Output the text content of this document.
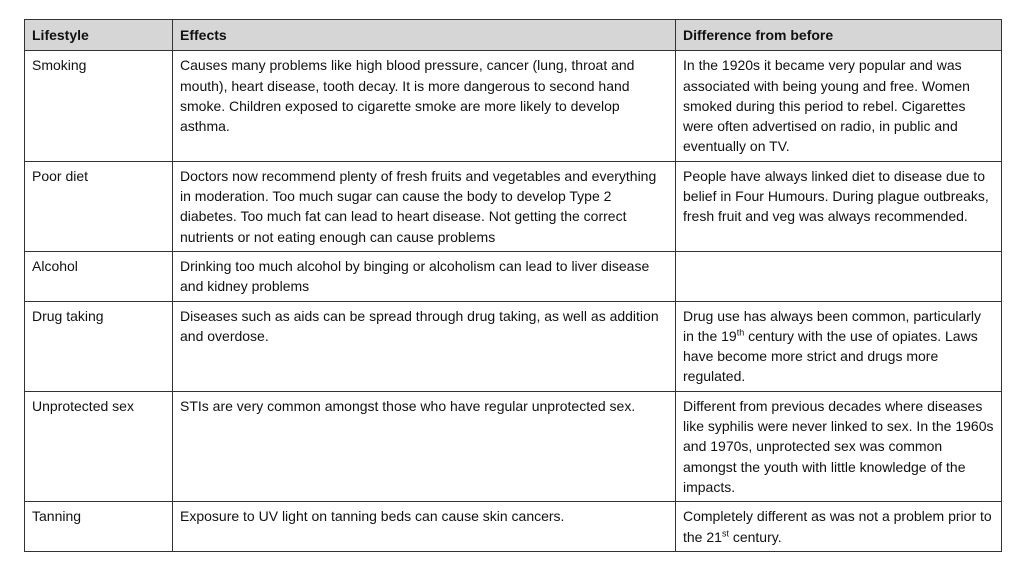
Lifestyle	Effects	Difference from before
Smoking	Causes many problems like high blood pressure, cancer (lung, throat and mouth), heart disease, tooth decay. It is more dangerous to second hand smoke. Children exposed to cigarette smoke are more likely to develop asthma.	In the 1920s it became very popular and was associated with being young and free. Women smoked during this period to rebel. Cigarettes were often advertised on radio, in public and eventually on TV.
Poor diet	Doctors now recommend plenty of fresh fruits and vegetables and everything in moderation. Too much sugar can cause the body to develop Type 2 diabetes. Too much fat can lead to heart disease. Not getting the correct nutrients or not eating enough can cause problems	People have always linked diet to disease due to belief in Four Humours. During plague outbreaks, fresh fruit and veg was always recommended.
Alcohol	Drinking too much alcohol by binging or alcoholism can lead to liver disease and kidney problems	
Drug taking	Diseases such as aids can be spread through drug taking, as well as addition and overdose.	Drug use has always been common, particularly in the 19th century with the use of opiates. Laws have become more strict and drugs more regulated.
Unprotected sex	STIs are very common amongst those who have regular unprotected sex.	Different from previous decades where diseases like syphilis were never linked to sex. In the 1960s and 1970s, unprotected sex was common amongst the youth with little knowledge of the impacts.
Tanning	Exposure to UV light on tanning beds can cause skin cancers.	Completely different as was not a problem prior to the 21st century.
